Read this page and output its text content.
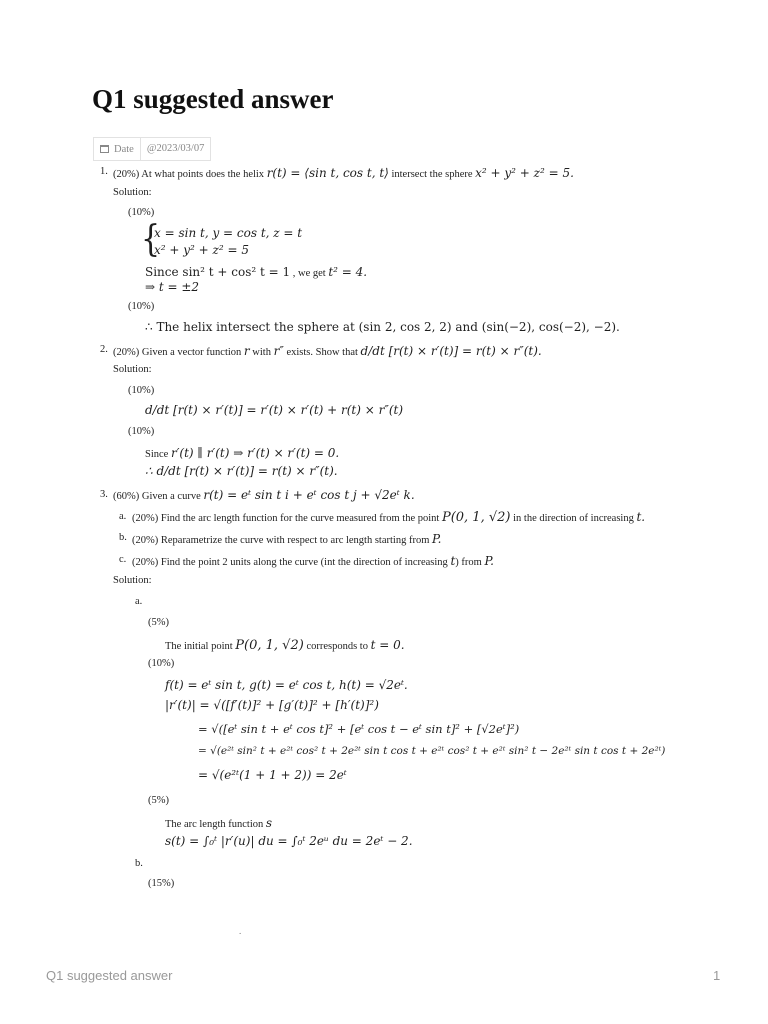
Q1 suggested answer
Date	@2023/03/07
1. (20%) At what points does the helix r(t) = ⟨sin t, cos t, t⟩ intersect the sphere x² + y² + z² = 5.
Solution:
(10%)
{
x = sin t, y = cos t, z = t
x² + y² + z² = 5
Since sin² t + cos² t = 1 , we get t² = 4.
⇒ t = ±2
(10%)
∴ The helix intersect the sphere at (sin 2, cos 2, 2) and (sin(−2), cos(−2), −2).
2. (20%) Given a vector function r with r″ exists. Show that d/dt [r(t) × r′(t)] = r(t) × r″(t).
Solution:
(10%)
d/dt [r(t) × r′(t)] = r′(t) × r′(t) + r(t) × r″(t)
(10%)
Since r′(t) ∥ r′(t) ⇒ r′(t) × r′(t) = 0.
∴ d/dt [r(t) × r′(t)] = r(t) × r″(t).
3. (60%) Given a curve r(t) = eᵗ sin t i + eᵗ cos t j + √2eᵗ k.
a. (20%) Find the arc length function for the curve measured from the point P(0, 1, √2) in the direction of increasing t.
b. (20%) Reparametrize the curve with respect to arc length starting from P.
c. (20%) Find the point 2 units along the curve (int the direction of increasing t) from P.
Solution:
a.
(5%)
The initial point P(0, 1, √2) corresponds to t = 0.
(10%)
f(t) = eᵗ sin t, g(t) = eᵗ cos t, h(t) = √2eᵗ.
|r′(t)| = √([f′(t)]² + [g′(t)]² + [h′(t)]²)
= √([eᵗ sin t + eᵗ cos t]² + [eᵗ cos t − eᵗ sin t]² + [√2eᵗ]²)
= √(e²ᵗ sin² t + e²ᵗ cos² t + 2e²ᵗ sin t cos t + e²ᵗ cos² t + e²ᵗ sin² t − 2e²ᵗ sin t cos t + 2e²ᵗ)
= √(e²ᵗ(1 + 1 + 2)) = 2eᵗ
(5%)
The arc length function s
s(t) = ∫₀ᵗ |r′(u)| du = ∫₀ᵗ 2eᵘ du = 2eᵗ − 2.
b.
(15%)
.
Q1 suggested answer	1
